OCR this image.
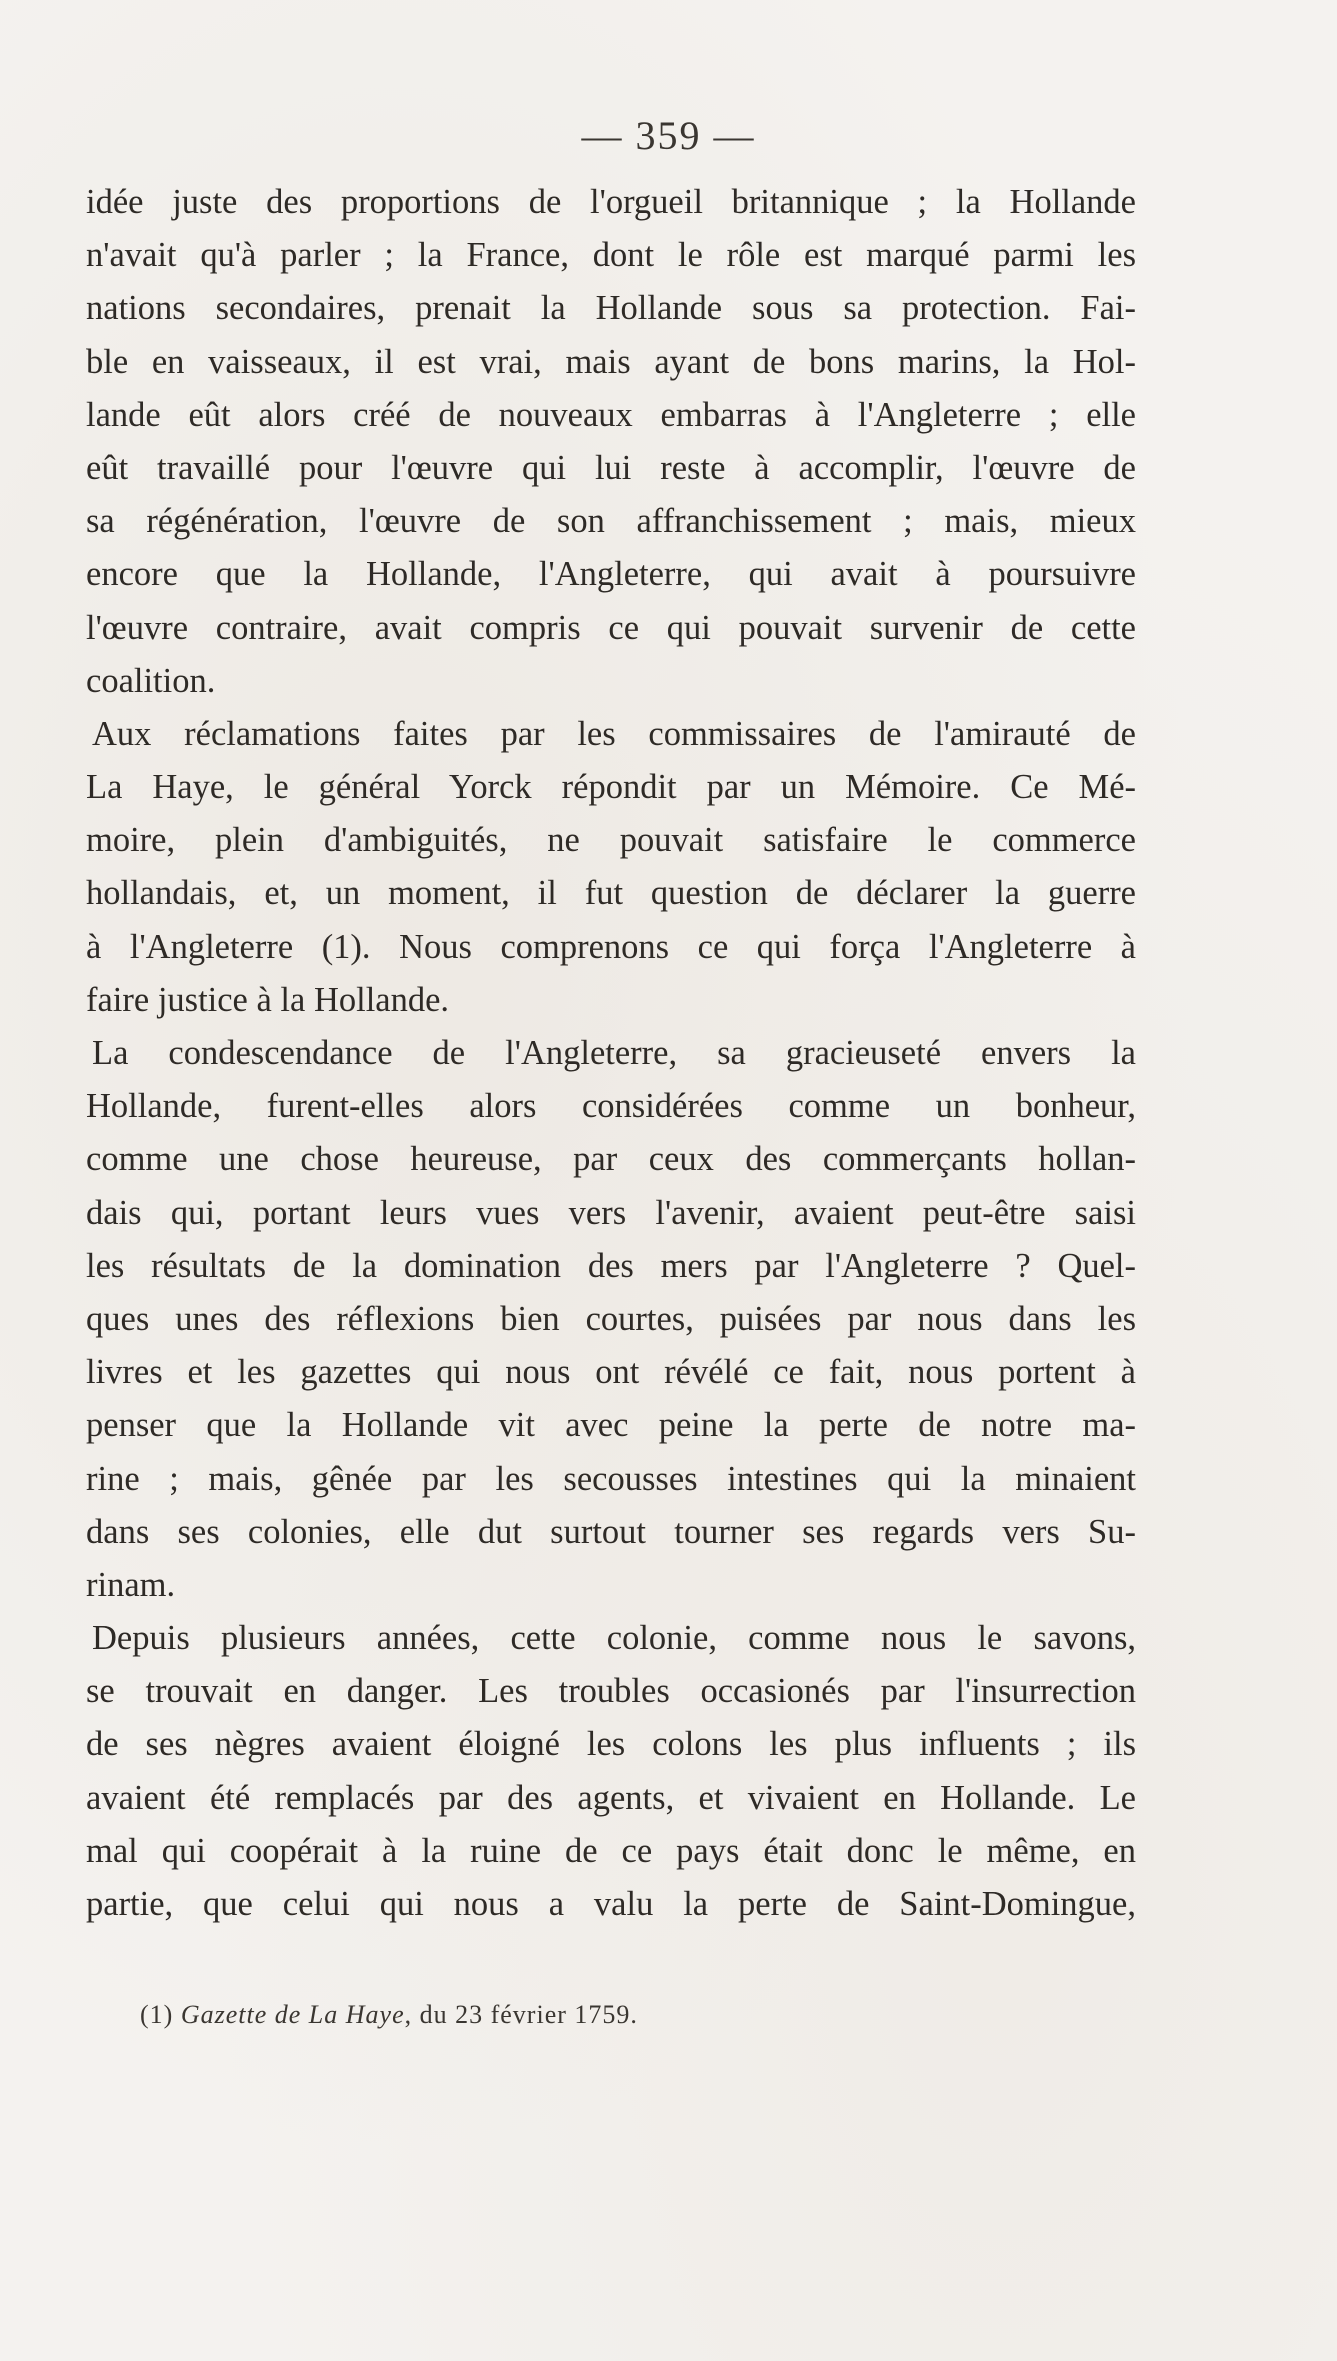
— 359 —

idée juste des proportions de l'orgueil britannique ; la Hollande
n'avait qu'à parler ; la France, dont le rôle est marqué parmi les
nations secondaires, prenait la Hollande sous sa protection. Fai-
ble en vaisseaux, il est vrai, mais ayant de bons marins, la Hol-
lande eût alors créé de nouveaux embarras à l'Angleterre ; elle
eût travaillé pour l'œuvre qui lui reste à accomplir, l'œuvre de
sa régénération, l'œuvre de son affranchissement ; mais, mieux
encore que la Hollande, l'Angleterre, qui avait à poursuivre
l'œuvre contraire, avait compris ce qui pouvait survenir de cette
coalition.

Aux réclamations faites par les commissaires de l'amirauté de
La Haye, le général Yorck répondit par un Mémoire. Ce Mé-
moire, plein d'ambiguités, ne pouvait satisfaire le commerce
hollandais, et, un moment, il fut question de déclarer la guerre
à l'Angleterre (1). Nous comprenons ce qui força l'Angleterre à
faire justice à la Hollande.

La condescendance de l'Angleterre, sa gracieuseté envers la
Hollande, furent-elles alors considérées comme un bonheur,
comme une chose heureuse, par ceux des commerçants hollan-
dais qui, portant leurs vues vers l'avenir, avaient peut-être saisi
les résultats de la domination des mers par l'Angleterre ? Quel-
ques unes des réflexions bien courtes, puisées par nous dans les
livres et les gazettes qui nous ont révélé ce fait, nous portent à
penser que la Hollande vit avec peine la perte de notre ma-
rine ; mais, gênée par les secousses intestines qui la minaient
dans ses colonies, elle dut surtout tourner ses regards vers Su-
rinam.

Depuis plusieurs années, cette colonie, comme nous le savons,
se trouvait en danger. Les troubles occasionés par l'insurrection
de ses nègres avaient éloigné les colons les plus influents ; ils
avaient été remplacés par des agents, et vivaient en Hollande. Le
mal qui coopérait à la ruine de ce pays était donc le même, en
partie, que celui qui nous a valu la perte de Saint-Domingue,

(1) Gazette de La Haye, du 23 février 1759.
